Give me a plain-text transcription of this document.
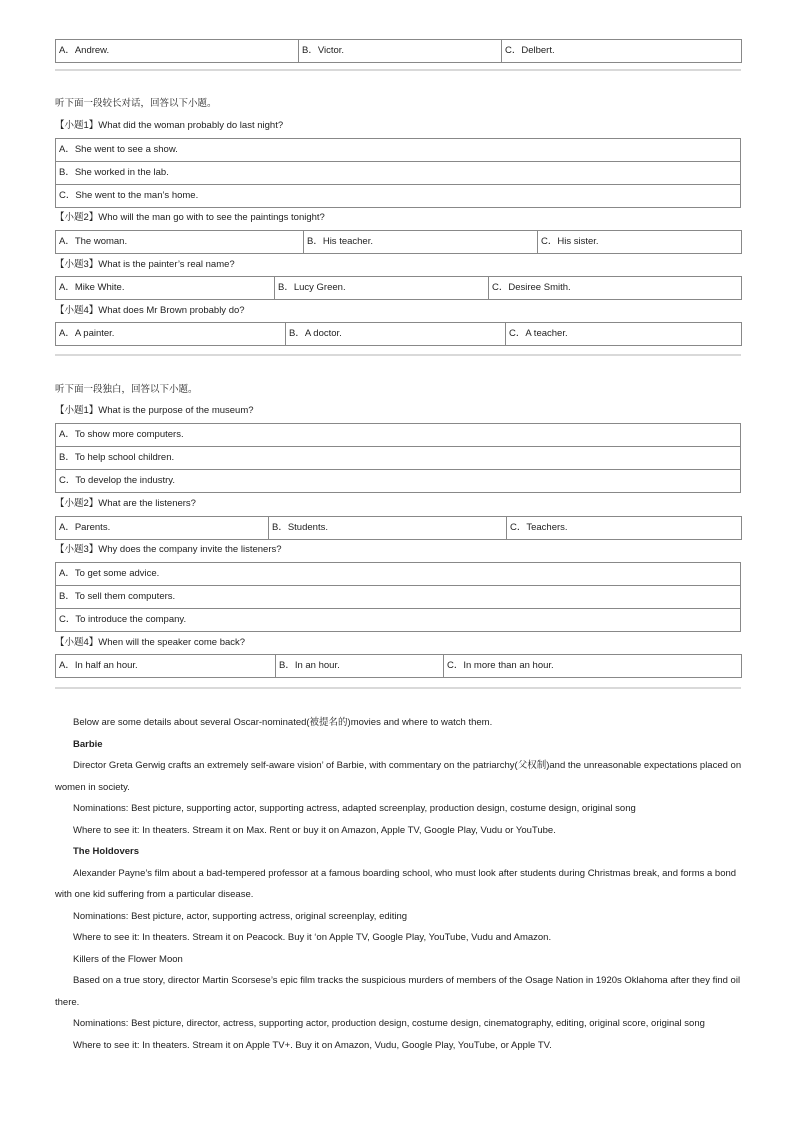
A．Andrew.	B．Victor.	C．Delbert.
听下面一段较长对话，回答以下小题。
【小题1】What did the woman probably do last night?
A．She went to see a show.
B．She worked in the lab.
C．She went to the man’s home.
【小题2】Who will the man go with to see the paintings tonight?
A．The woman.	B．His teacher.	C．His sister.
【小题3】What is the painter’s real name?
A．Mike White.	B．Lucy Green.	C．Desiree Smith.
【小题4】What does Mr Brown probably do?
A．A painter.	B．A doctor.	C．A teacher.
听下面一段独白，回答以下小题。
【小题1】What is the purpose of the museum?
A．To show more computers.
B．To help school children.
C．To develop the industry.
【小题2】What are the listeners?
A．Parents.	B．Students.	C．Teachers.
【小题3】Why does the company invite the listeners?
A．To get some advice.
B．To sell them computers.
C．To introduce the company.
【小题4】When will the speaker come back?
A．In half an hour.	B．In an hour.	C．In more than an hour.
Below are some details about several Oscar-nominated(被提名的)movies and where to watch them.
Barbie
Director Greta Gerwig crafts an extremely self-aware vision’ of Barbie, with commentary on the patriarchy(父权制)and the unreasonable expectations placed on women in society.
Nominations: Best picture, supporting actor, supporting actress, adapted screenplay, production design, costume design, original song
Where to see it: In theaters. Stream it on Max. Rent or buy it on Amazon, Apple TV, Google Play, Vudu or YouTube.
The Holdovers
Alexander Payne’s film about a bad-tempered professor at a famous boarding school, who must look after students during Christmas break, and forms a bond with one kid suffering from a particular disease.
Nominations: Best picture, actor, supporting actress, original screenplay, editing
Where to see it: In theaters. Stream it on Peacock. Buy it ‘on Apple TV, Google Play, YouTube, Vudu and Amazon.
Killers of the Flower Moon
Based on a true story, director Martin Scorsese’s epic film tracks the suspicious murders of members of the Osage Nation in 1920s Oklahoma after they find oil there.
Nominations: Best picture, director, actress, supporting actor, production design, costume design, cinematography, editing, original score, original song
Where to see it: In theaters. Stream it on Apple TV+. Buy it on Amazon, Vudu, Google Play, YouTube, or Apple TV.
